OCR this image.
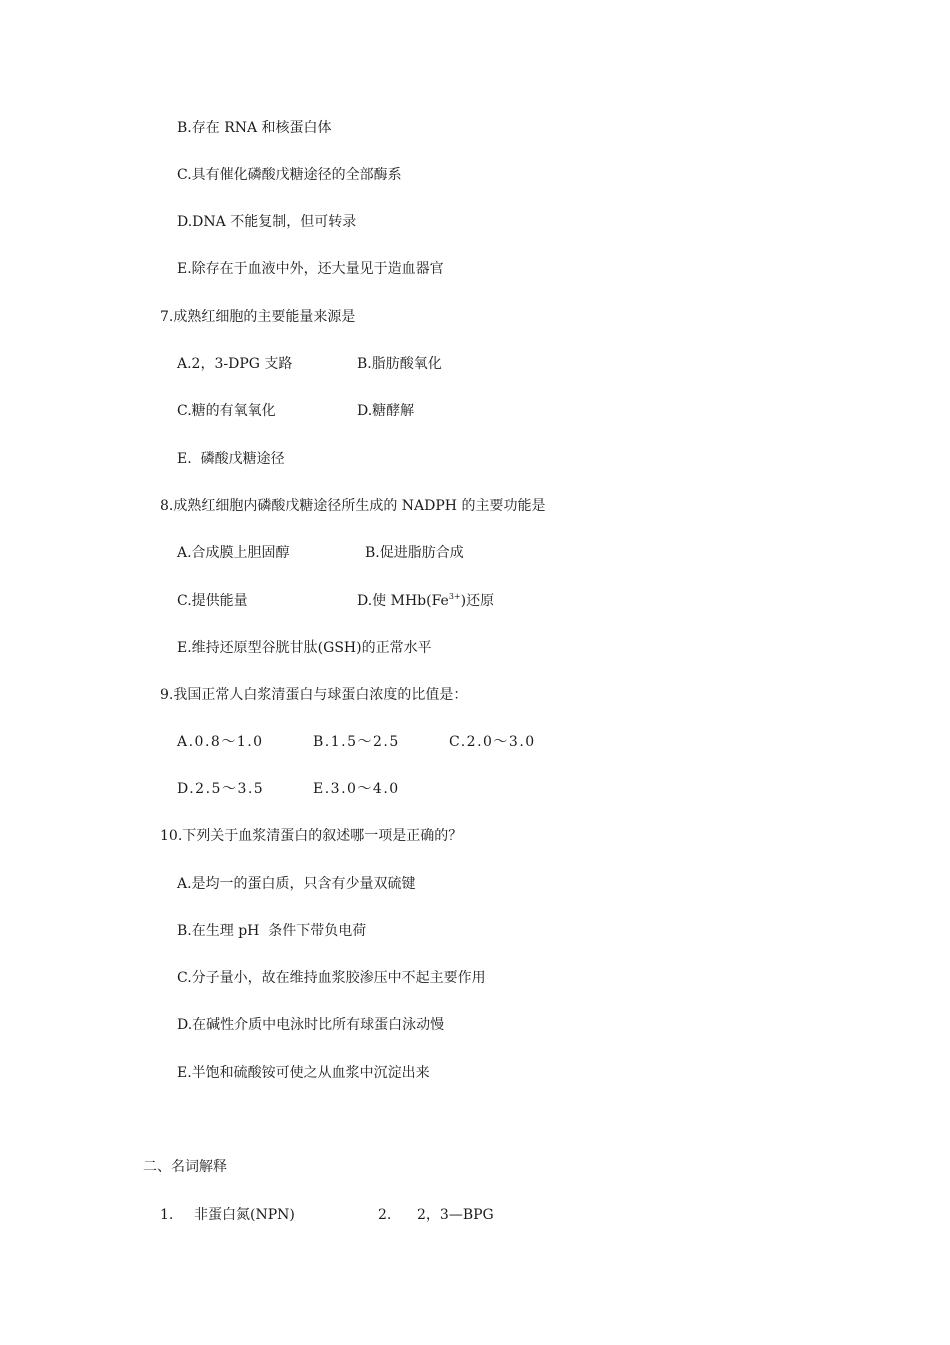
B.存在 RNA 和核蛋白体
C.具有催化磷酸戊糖途径的全部酶系
D.DNA 不能复制，但可转录
E.除存在于血液中外，还大量见于造血器官
7.成熟红细胞的主要能量来源是
A.2，3-DPG 支路	B.脂肪酸氧化
C.糖的有氧氧化	D.糖酵解
E.  磷酸戊糖途径
8.成熟红细胞内磷酸戊糖途径所生成的 NADPH 的主要功能是
A.合成膜上胆固醇	B.促进脂肪合成
C.提供能量	D.使 $MHb(Fe^{3+})$还原
E.维持还原型谷胱甘肽(GSH)的正常水平
9.我国正常人白浆清蛋白与球蛋白浓度的比值是：
A.0.8～1.0	B.1.5～2.5	C.2.0～3.0
D.2.5～3.5	E.3.0～4.0
10.下列关于血浆清蛋白的叙述哪一项是正确的？
A.是均一的蛋白质，只含有少量双硫键
B.在生理 pH  条件下带负电荷
C.分子量小，故在维持血浆胶渗压中不起主要作用
D.在碱性介质中电泳时比所有球蛋白泳动慢
E.半饱和硫酸铵可使之从血浆中沉淀出来
二、名词解释
1. 非蛋白氮(NPN)	2. 2，3—BPG
